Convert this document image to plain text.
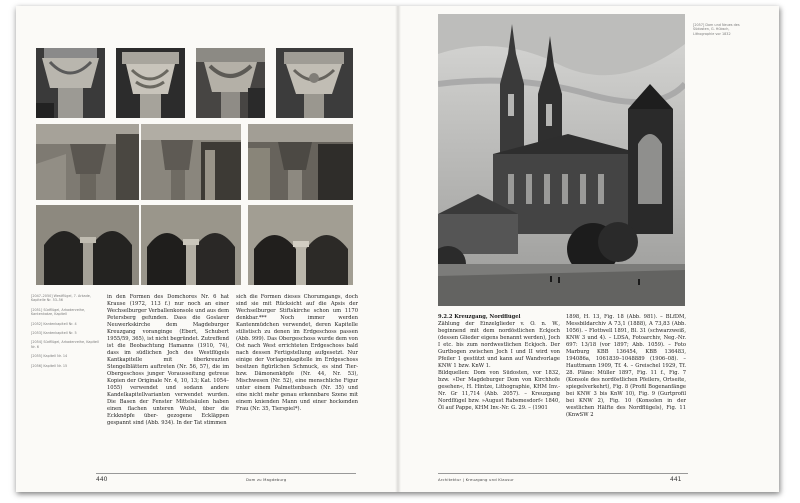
[2047–2050] Westflügel, 7. Arkade, Kapitelle Nr. 53–56
[2051] Südflügel, Arkadenreihe, Kantenkatze, Kapitell
[2052] Kantenkapitell Nr. 4
[2053] Kantenkapitell Nr. 5
[2054] Südflügel, Arkadenreihe, Kapitell Nr. 6
[2055] Kapitell Nr. 14
[2056] Kapitell Nr. 15

in den Formen des Domchores Nr. 6 hat Krause (1972, 113 f.) nur noch an einer Wechselburger Verballenkonsole und aus dem Petersberg gefunden. Dass die Goslarer Neuwerkskirche dem Magdeburger Kreuzgang voranginge (Ebert, Schubert 1955/59, 365), ist nicht begründet. Zutreffend ist die Beobachtung Hamanns (1910, 74), dass im südlichen Joch des Westflügels Kantkapitelle mit überkreuzten Stengelblättern auftreten (Nr. 56, 57), die im Obergeschoss junger Vorausseitung getreue Kopien der Originale Nr. 4, 10, 13; Kat. 1054–1055) verwendet und sodann andere Kandelkapitellvarianten verwendet wurden. Die Basen der Fenster Mittelsäulen haben einen flachen unteren Wulst, über die Eckknöpfe über- gezogene Eckläppen gespannt sind (Abb. 934). In der Tat stimmen

sich die Formen dieses Chorumgangs, doch sind sie mit Rücksicht auf die Apsis der Wechselburger Stiftskirche schon um 1170 denkbar.*** Noch immer werden Kantenmüdchen verwendet, deren Kapitelle stilistisch zu denen im Erdgeschoss passen (Abb. 999). Das Obergeschoss wurde dem von Ost nach West errichteten Erdgeschoss bald nach dessen Fertigstellung aufgesetzt. Nur einige der Vorlagenkapitelle im Erdgeschoss besitzen figürlichen Schmuck, es sind Tier- bzw. Dämonenköpfe (Nr. 44, Nr. 53), Mischwesen (Nr. 52), eine menschliche Figur unter einem Palmettenbusch (Nr. 35) und eine nicht mehr genau erkennbare Szene mit einem knienden Mann und einer hockenden Frau (Nr. 35, Tierspiel*).

440	Dom zu Magdeburg
[2057] Dom und Neues des Südosten, G. Hübsch, Lithographie vor 1832

9.2.2 Kreuzgang, Nordflügel

Zählung der Einzelglieder v. O. n. W., beginnend mit dem nordöstlichen Eckjoch (dessen Glieder eigens benannt werden), Joch I etc. bis zum nordwestlichen Eckjoch. Der Gurtbogen zwischen Joch I und II wird von Pfeiler 1 gestützt und kann auf Wandvorlage KNW 1 bzw. KnW 1.

Bildquellen: Dom von Südosten, vor 1832, bzw. »Der Magdeburger Dom von Kirchhofe gesehen«, H. Hintze, Lithographie, KHM Inv.-Nr. Gr 11,714 (Abb. 2057). – Kreuzgang Nordflügel bzw. »August Rabsmesdorf« 1840, Öl auf Pappe, KHM Inv.-Nr. G. 29. – (1901

1898, H. 13, Fig. 18 (Abb. 981). – BLfDM, Messbildarchiv A 73,1 (1888), A 73,83 (Abb. 1056). – Flottwell 1891, Bl. 31 (schwarzweiß, KNW 3 und 4). – LDSA, Fotoarchiv, Neg.-Nr. 697: 13/18 (vor 1897; Abb. 1059). – Foto Marburg KBB 136454, KBB 136483, 194086a, 1061839–1048889 (1906–08). – Hauttmann 1909, Tf. 4. – Greischel 1929, Tf. 28. Pläne: Müller 1897, Fig. 11 f., Fig. 7 (Konsole des nordöstlichen Pfeilers, Ortseite, spiegelverkehrt), Fig. 8 (Profil Bogenanfänge bei KNW 3 bis KnW 10), Fig. 9 (Gurtprofil bei KNW 2), Fig. 10 (Konsolen in der westlichen Hälfte des Nordflügels), Fig. 11 (KnwSW 2

Architektur | Kreuzgang und Klausur	441
